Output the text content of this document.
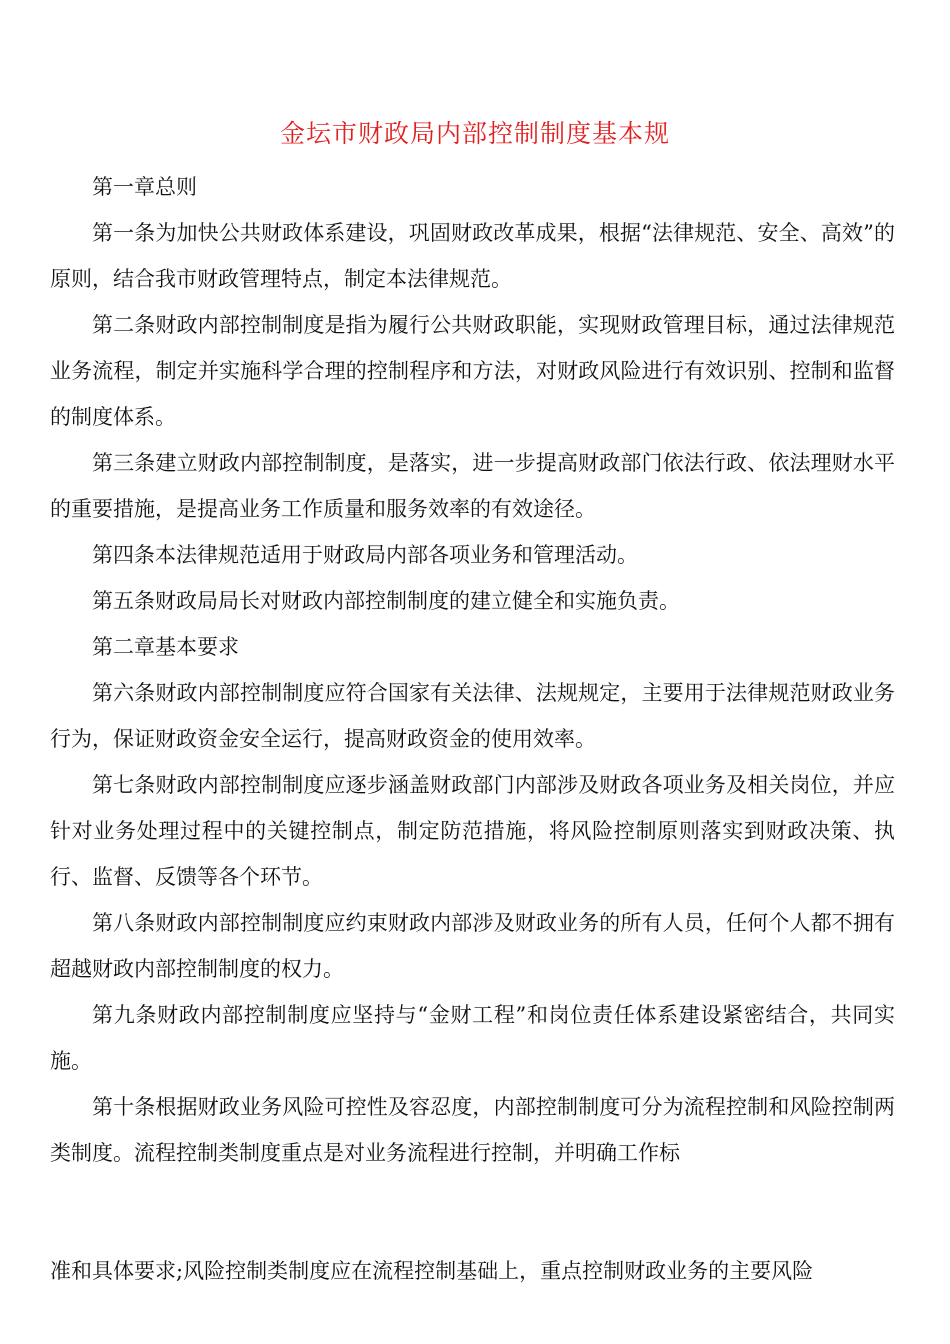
金坛市财政局内部控制制度基本规

第一章总则

第一条为加快公共财政体系建设，巩固财政改革成果，根据“法律规范、安全、高效”的原则，结合我市财政管理特点，制定本法律规范。

第二条财政内部控制制度是指为履行公共财政职能，实现财政管理目标，通过法律规范业务流程，制定并实施科学合理的控制程序和方法，对财政风险进行有效识别、控制和监督的制度体系。

第三条建立财政内部控制制度，是落实，进一步提高财政部门依法行政、依法理财水平的重要措施，是提高业务工作质量和服务效率的有效途径。

第四条本法律规范适用于财政局内部各项业务和管理活动。

第五条财政局局长对财政内部控制制度的建立健全和实施负责。

第二章基本要求

第六条财政内部控制制度应符合国家有关法律、法规规定，主要用于法律规范财政业务行为，保证财政资金安全运行，提高财政资金的使用效率。

第七条财政内部控制制度应逐步涵盖财政部门内部涉及财政各项业务及相关岗位，并应针对业务处理过程中的关键控制点，制定防范措施，将风险控制原则落实到财政决策、执行、监督、反馈等各个环节。

第八条财政内部控制制度应约束财政内部涉及财政业务的所有人员，任何个人都不拥有超越财政内部控制制度的权力。

第九条财政内部控制制度应坚持与“金财工程”和岗位责任体系建设紧密结合，共同实施。

第十条根据财政业务风险可控性及容忍度，内部控制制度可分为流程控制和风险控制两类制度。流程控制类制度重点是对业务流程进行控制，并明确工作标

准和具体要求;风险控制类制度应在流程控制基础上，重点控制财政业务的主要风险
